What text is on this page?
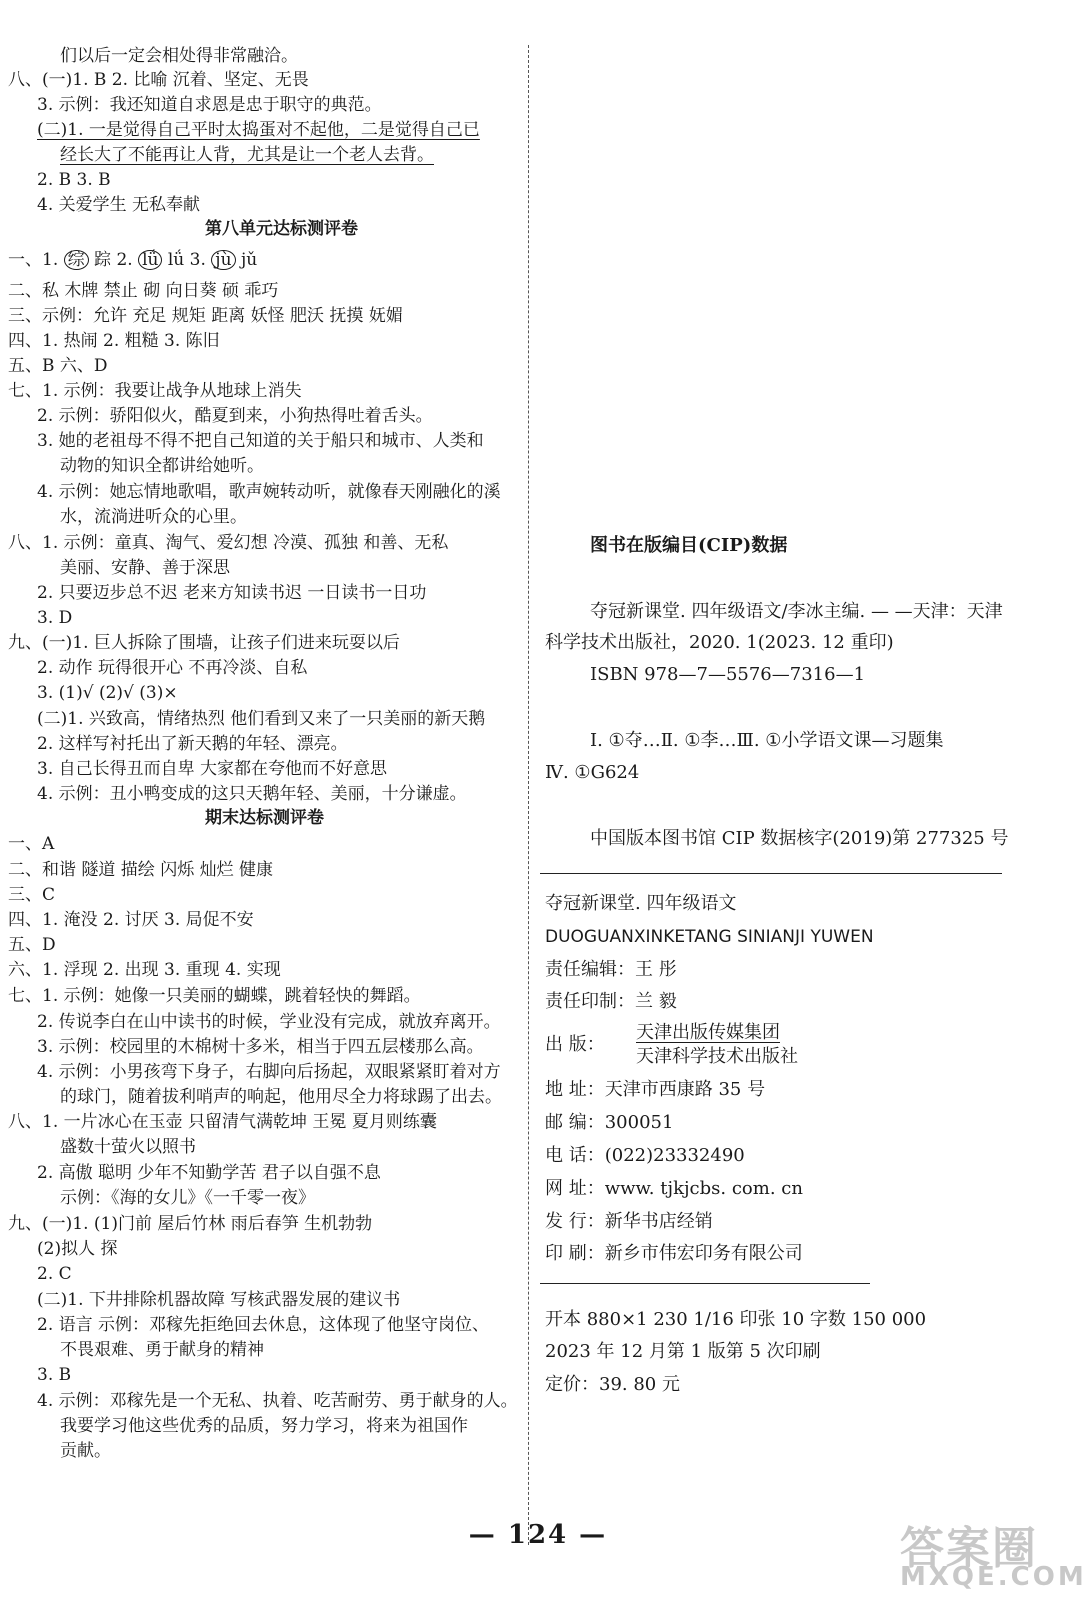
们以后一定会相处得非常融洽。
八、(一)1. B 2. 比喻 沉着、坚定、无畏
3. 示例：我还知道自求恩是忠于职守的典范。
(二)1. 一是觉得自己平时太捣蛋对不起他，二是觉得自己已
经长大了不能再让人背，尤其是让一个老人去背。
2. B 3. B
4. 关爱学生 无私奉献
第八单元达标测评卷
一、1. 综 踪 2. lǘ lǘ 3. jù jǔ
二、私 木牌 禁止 砌 向日葵 硕 乖巧
三、示例：允许 充足 规矩 距离 妖怪 肥沃 抚摸 妩媚
四、1. 热闹 2. 粗糙 3. 陈旧
五、B 六、D
七、1. 示例：我要让战争从地球上消失
2. 示例：骄阳似火，酷夏到来，小狗热得吐着舌头。
3. 她的老祖母不得不把自己知道的关于船只和城市、人类和
动物的知识全都讲给她听。
4. 示例：她忘情地歌唱，歌声婉转动听，就像春天刚融化的溪
水，流淌进听众的心里。
八、1. 示例：童真、淘气、爱幻想 冷漠、孤独 和善、无私
美丽、安静、善于深思
2. 只要迈步总不迟 老来方知读书迟 一日读书一日功
3. D
九、(一)1. 巨人拆除了围墙，让孩子们进来玩耍以后
2. 动作 玩得很开心 不再冷淡、自私
3. (1)√ (2)√ (3)×
(二)1. 兴致高，情绪热烈 他们看到又来了一只美丽的新天鹅
2. 这样写衬托出了新天鹅的年轻、漂亮。
3. 自己长得丑而自卑 大家都在夸他而不好意思
4. 示例：丑小鸭变成的这只天鹅年轻、美丽，十分谦虚。
期末达标测评卷
一、A
二、和谐 隧道 描绘 闪烁 灿烂 健康
三、C
四、1. 淹没 2. 讨厌 3. 局促不安
五、D
六、1. 浮现 2. 出现 3. 重现 4. 实现
七、1. 示例：她像一只美丽的蝴蝶，跳着轻快的舞蹈。
2. 传说李白在山中读书的时候，学业没有完成，就放弃离开。
3. 示例：校园里的木棉树十多米，相当于四五层楼那么高。
4. 示例：小男孩弯下身子，右脚向后扬起，双眼紧紧盯着对方
的球门，随着拔利哨声的响起，他用尽全力将球踢了出去。
八、1. 一片冰心在玉壶 只留清气满乾坤 王冕 夏月则练囊
盛数十萤火以照书
2. 高傲 聪明 少年不知勤学苦 君子以自强不息
示例：《海的女儿》《一千零一夜》
九、(一)1. (1)门前 屋后竹林 雨后春笋 生机勃勃
(2)拟人 探
2. C
(二)1. 下井排除机器故障 写核武器发展的建议书
2. 语言 示例：邓稼先拒绝回去休息，这体现了他坚守岗位、
不畏艰难、勇于献身的精神
3. B
4. 示例：邓稼先是一个无私、执着、吃苦耐劳、勇于献身的人。
我要学习他这些优秀的品质，努力学习，将来为祖国作
贡献。
图书在版编目(CIP)数据
夺冠新课堂. 四年级语文/李冰主编. — —天津：天津
科学技术出版社，2020. 1(2023. 12 重印)
ISBN 978—7—5576—7316—1
Ⅰ. ①夺…Ⅱ. ①李…Ⅲ. ①小学语文课—习题集
Ⅳ. ①G624
中国版本图书馆 CIP 数据核字(2019)第 277325 号
夺冠新课堂. 四年级语文
DUOGUANXINKETANG SINIANJI YUWEN
责任编辑：王 彤
责任印制：兰 毅
出 版：
天津出版传媒集团
天津科学技术出版社
地 址：天津市西康路 35 号
邮 编：300051
电 话：(022)23332490
网 址：www. tjkjcbs. com. cn
发 行：新华书店经销
印 刷：新乡市伟宏印务有限公司
开本 880×1 230 1/16 印张 10 字数 150 000
2023 年 12 月第 1 版第 5 次印刷
定价：39. 80 元
— 124 —	答案圈
MXQE.COM
